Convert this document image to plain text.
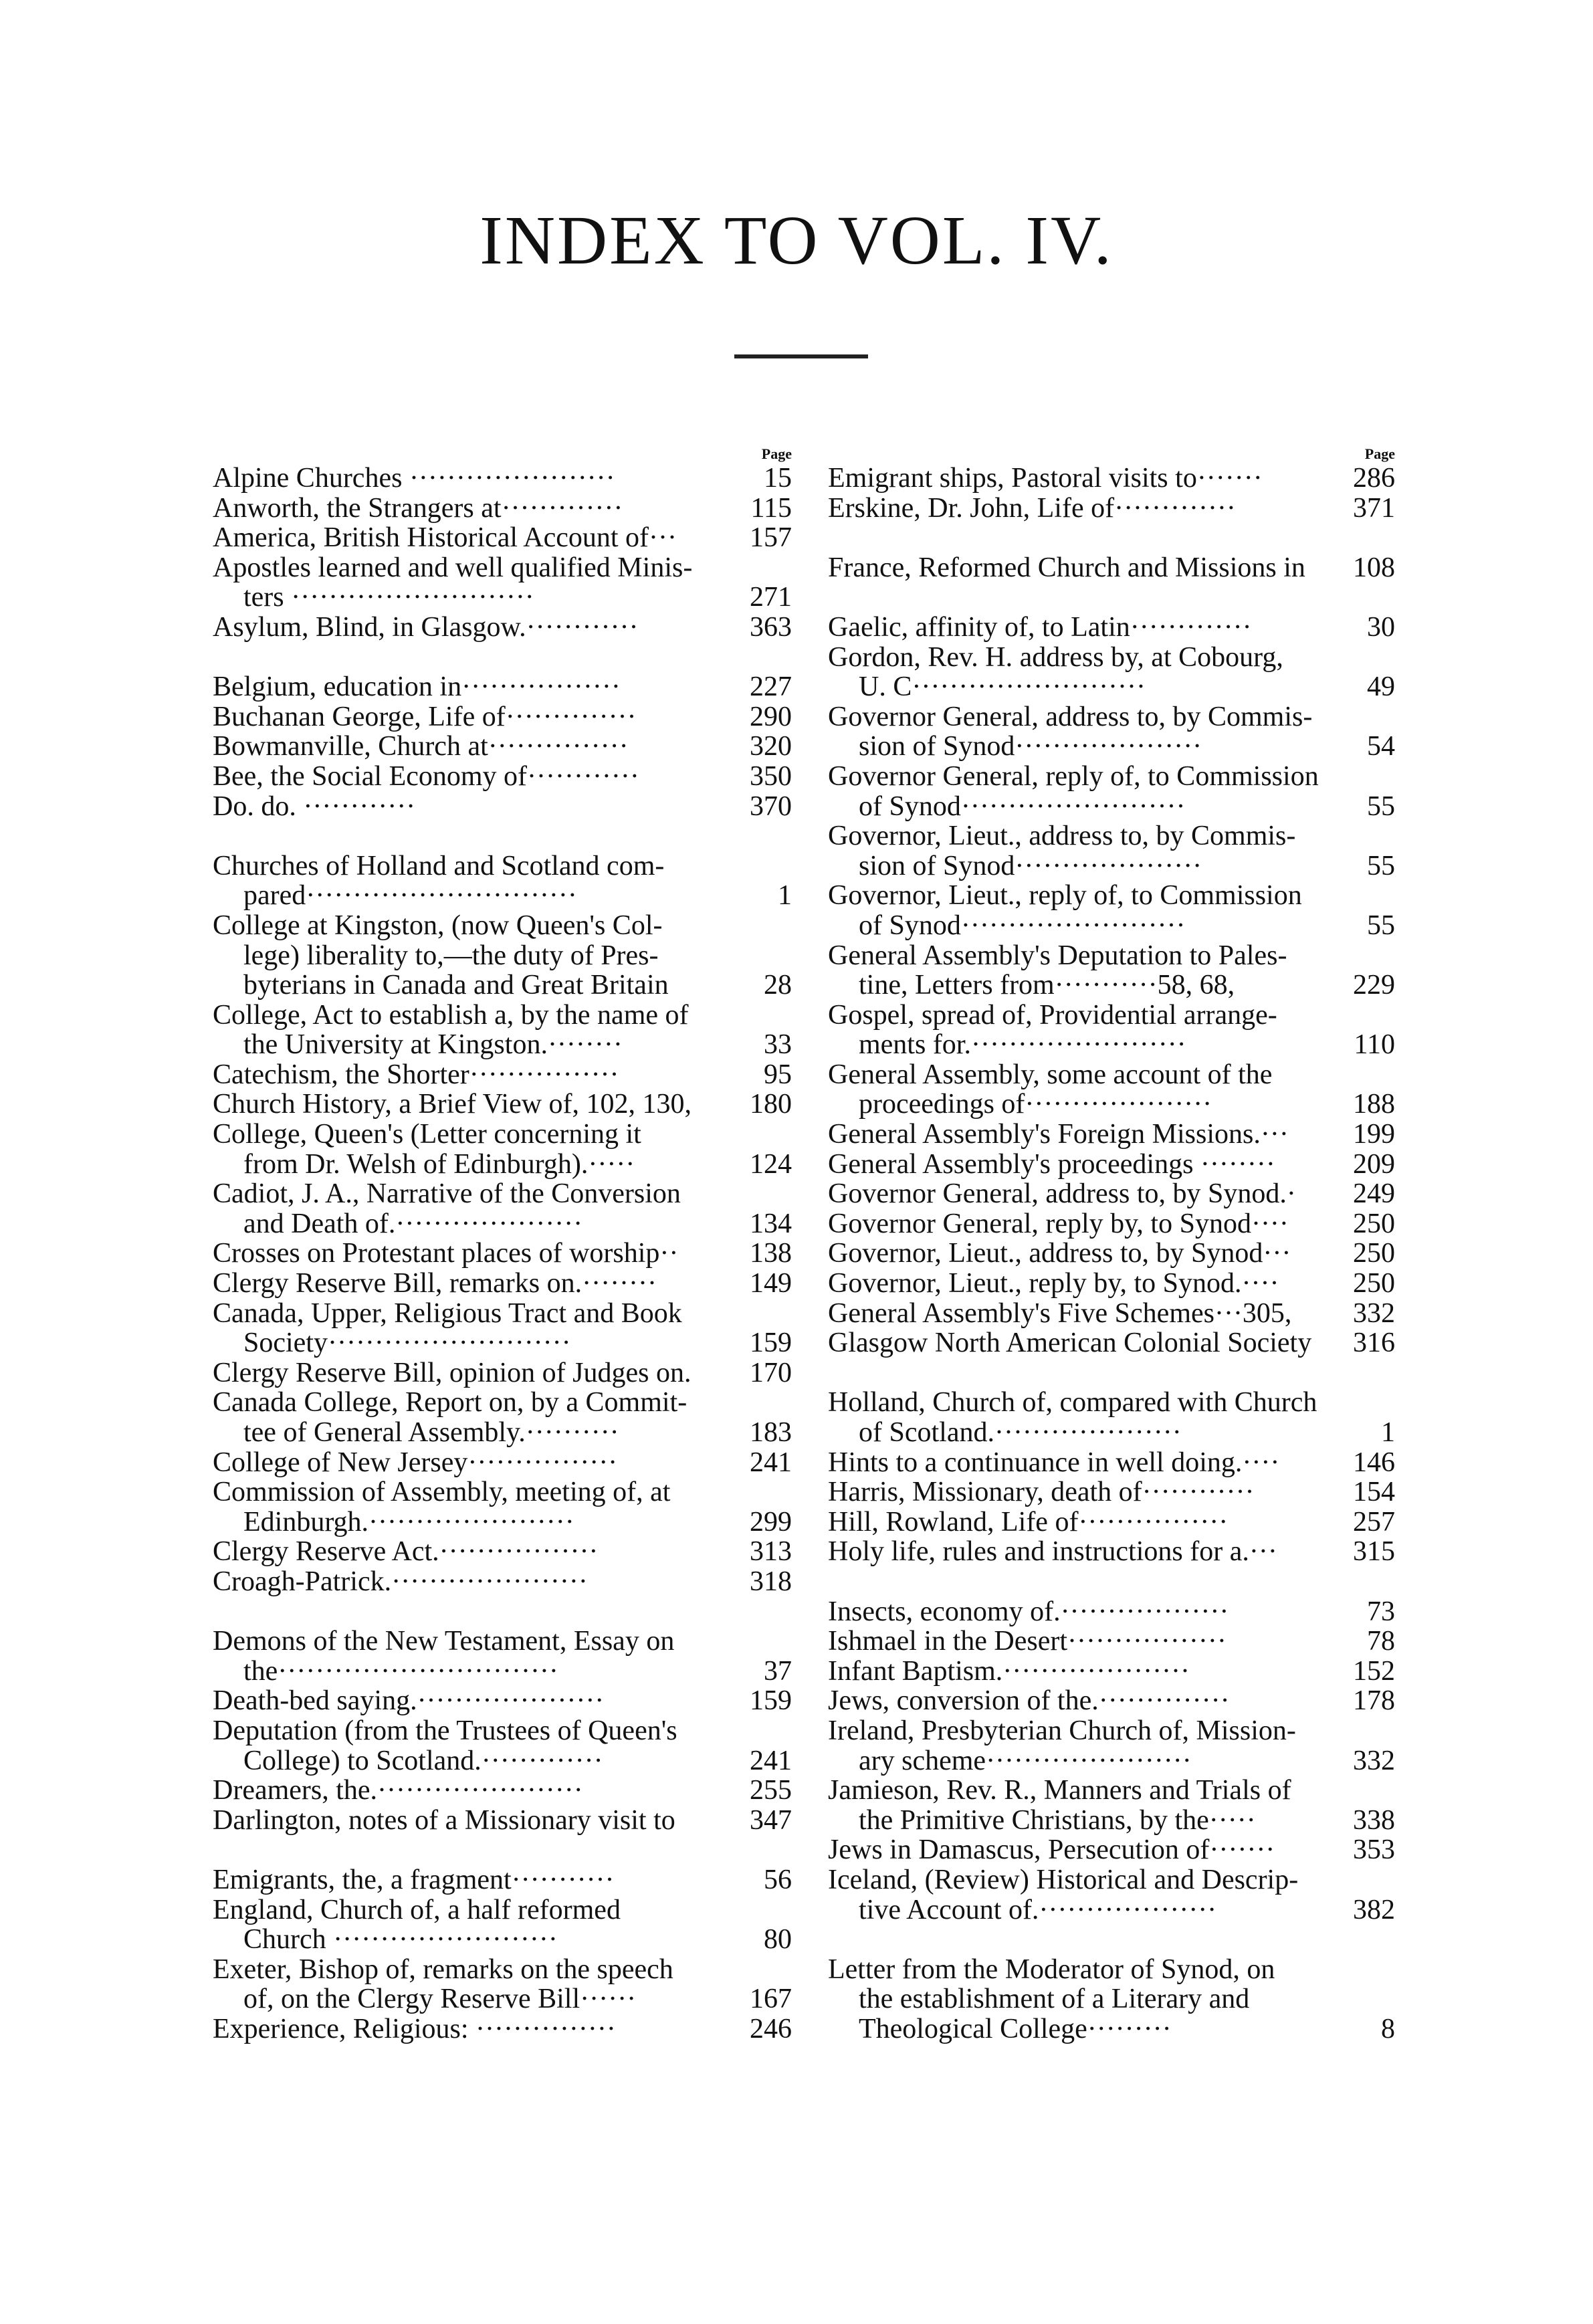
INDEX TO VOL. IV.
Page
Alpine Churches ······················	15
Anworth, the Strangers at·············	115
America, British Historical Account of···	157
Apostles learned and well qualified Minis-
ters ··························	271
Asylum, Blind, in Glasgow.············	363
Belgium, education in·················	227
Buchanan George, Life of··············	290
Bowmanville, Church at···············	320
Bee, the Social Economy of············	350
Do. do. ············	370
Churches of Holland and Scotland com-
pared·····························	1
College at Kingston, (now Queen's Col-
lege) liberality to,—the duty of Pres-
byterians in Canada and Great Britain	28
College, Act to establish a, by the name of
the University at Kingston.········	33
Catechism, the Shorter················	95
Church History, a Brief View of, 102, 130,	180
College, Queen's (Letter concerning it
from Dr. Welsh of Edinburgh).·····	124
Cadiot, J. A., Narrative of the Conversion
and Death of.····················	134
Crosses on Protestant places of worship··	138
Clergy Reserve Bill, remarks on.········	149
Canada, Upper, Religious Tract and Book
Society··························	159
Clergy Reserve Bill, opinion of Judges on.	170
Canada College, Report on, by a Commit-
tee of General Assembly.··········	183
College of New Jersey················	241
Commission of Assembly, meeting of, at
Edinburgh.······················	299
Clergy Reserve Act.·················	313
Croagh-Patrick.·····················	318
Demons of the New Testament, Essay on
the······························	37
Death-bed saying.····················	159
Deputation (from the Trustees of Queen's
College) to Scotland.·············	241
Dreamers, the.······················	255
Darlington, notes of a Missionary visit to	347
Emigrants, the, a fragment···········	56
England, Church of, a half reformed
Church ························	80
Exeter, Bishop of, remarks on the speech
of, on the Clergy Reserve Bill······	167
Experience, Religious: ···············	246
Page
Emigrant ships, Pastoral visits to·······	286
Erskine, Dr. John, Life of·············	371
France, Reformed Church and Missions in	108
Gaelic, affinity of, to Latin·············	30
Gordon, Rev. H. address by, at Cobourg,
U. C·························	49
Governor General, address to, by Commis-
sion of Synod····················	54
Governor General, reply of, to Commission
of Synod························	55
Governor, Lieut., address to, by Commis-
sion of Synod····················	55
Governor, Lieut., reply of, to Commission
of Synod························	55
General Assembly's Deputation to Pales-
tine, Letters from···········58, 68,	229
Gospel, spread of, Providential arrange-
ments for.·······················	110
General Assembly, some account of the
proceedings of····················	188
General Assembly's Foreign Missions.···	199
General Assembly's proceedings ········	209
Governor General, address to, by Synod.·	249
Governor General, reply by, to Synod····	250
Governor, Lieut., address to, by Synod···	250
Governor, Lieut., reply by, to Synod.····	250
General Assembly's Five Schemes···305,	332
Glasgow North American Colonial Society	316
Holland, Church of, compared with Church
of Scotland.····················	1
Hints to a continuance in well doing.····	146
Harris, Missionary, death of············	154
Hill, Rowland, Life of················	257
Holy life, rules and instructions for a.···	315
Insects, economy of.··················	73
Ishmael in the Desert·················	78
Infant Baptism.····················	152
Jews, conversion of the.··············	178
Ireland, Presbyterian Church of, Mission-
ary scheme······················	332
Jamieson, Rev. R., Manners and Trials of
the Primitive Christians, by the·····	338
Jews in Damascus, Persecution of·······	353
Iceland, (Review) Historical and Descrip-
tive Account of.···················	382
Letter from the Moderator of Synod, on
the establishment of a Literary and
Theological College·········	8
